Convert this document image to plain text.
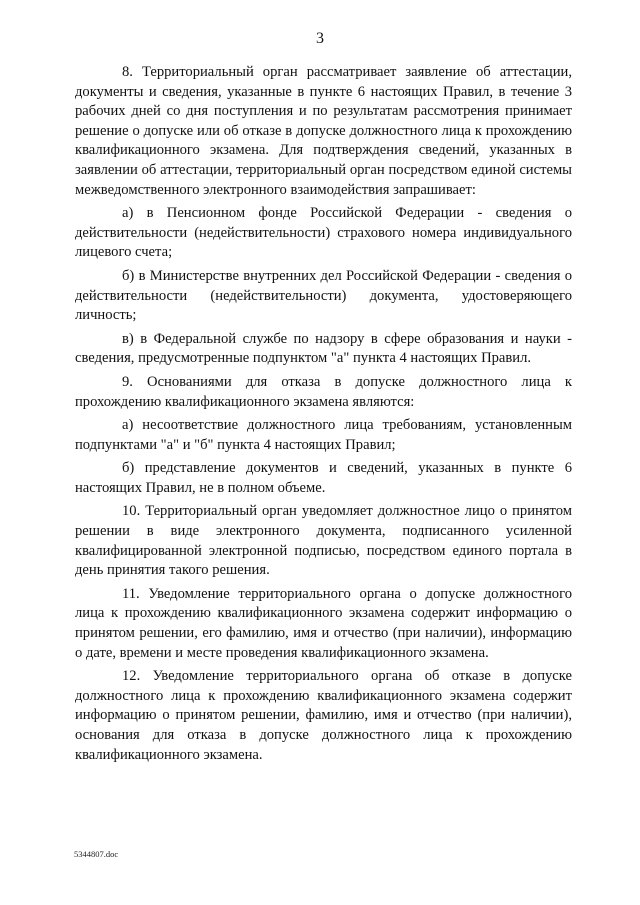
3

8. Территориальный орган рассматривает заявление об аттестации, документы и сведения, указанные в пункте 6 настоящих Правил, в течение 3 рабочих дней со дня поступления и по результатам рассмотрения принимает решение о допуске или об отказе в допуске должностного лица к прохождению квалификационного экзамена. Для подтверждения сведений, указанных в заявлении об аттестации, территориальный орган посредством единой системы межведомственного электронного взаимодействия запрашивает:

а) в Пенсионном фонде Российской Федерации - сведения о действительности (недействительности) страхового номера индивидуального лицевого счета;

б) в Министерстве внутренних дел Российской Федерации - сведения о действительности (недействительности) документа, удостоверяющего личность;

в) в Федеральной службе по надзору в сфере образования и науки - сведения, предусмотренные подпунктом "а" пункта 4 настоящих Правил.

9. Основаниями для отказа в допуске должностного лица к прохождению квалификационного экзамена являются:

а) несоответствие должностного лица требованиям, установленным подпунктами "а" и "б" пункта 4 настоящих Правил;

б) представление документов и сведений, указанных в пункте 6 настоящих Правил, не в полном объеме.

10. Территориальный орган уведомляет должностное лицо о принятом решении в виде электронного документа, подписанного усиленной квалифицированной электронной подписью, посредством единого портала в день принятия такого решения.

11. Уведомление территориального органа о допуске должностного лица к прохождению квалификационного экзамена содержит информацию о принятом решении, его фамилию, имя и отчество (при наличии), информацию о дате, времени и месте проведения квалификационного экзамена.

12. Уведомление территориального органа об отказе в допуске должностного лица к прохождению квалификационного экзамена содержит информацию о принятом решении, фамилию, имя и отчество (при наличии), основания для отказа в допуске должностного лица к прохождению квалификационного экзамена.

5344807.doc
